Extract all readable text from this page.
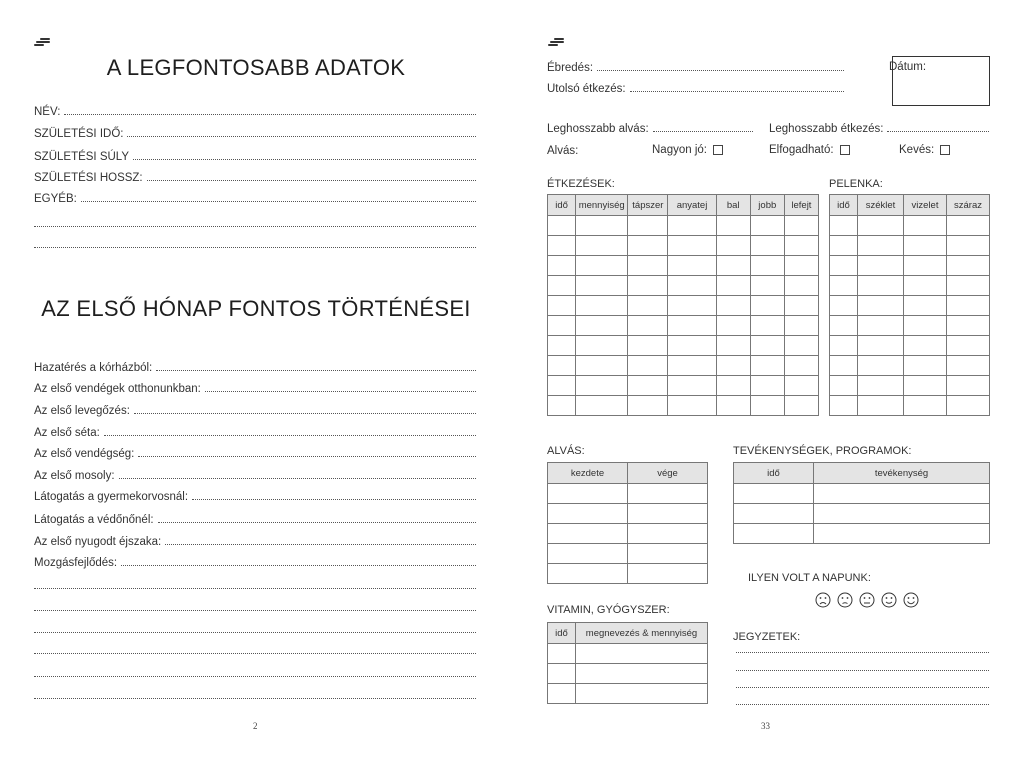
A LEGFONTOSABB ADATOK
NÉV:
SZÜLETÉSI IDŐ:
SZÜLETÉSI SÚLY
SZÜLETÉSI HOSSZ:
EGYÉB:
AZ ELSŐ HÓNAP FONTOS TÖRTÉNÉSEI
Hazatérés a kórházból:
Az első vendégek otthonunkban:
Az első levegőzés:
Az első séta:
Az első vendégség:
Az első mosoly:
Látogatás a gyermekorvosnál:
Látogatás a védőnőnél:
Az első nyugodt éjszaka:
Mozgásfejlődés:
2
Ébredés:
Utolsó étkezés:
Dátum:
Leghosszabb alvás:	Leghosszabb étkezés:
Alvás:	Nagyon jó:	Elfogadható:	Kevés:
ÉTKEZÉSEK:
idő	mennyiség	tápszer	anyatej	bal	jobb	lefejt

PELENKA:
idő	széklet	vizelet	száraz

ALVÁS:
kezdete	vége

TEVÉKENYSÉGEK, PROGRAMOK:
idő	tevékenység

ILYEN VOLT A NAPUNK:
VITAMIN, GYÓGYSZER:
idő	megnevezés & mennyiség

		JEGYZETEK:
33
